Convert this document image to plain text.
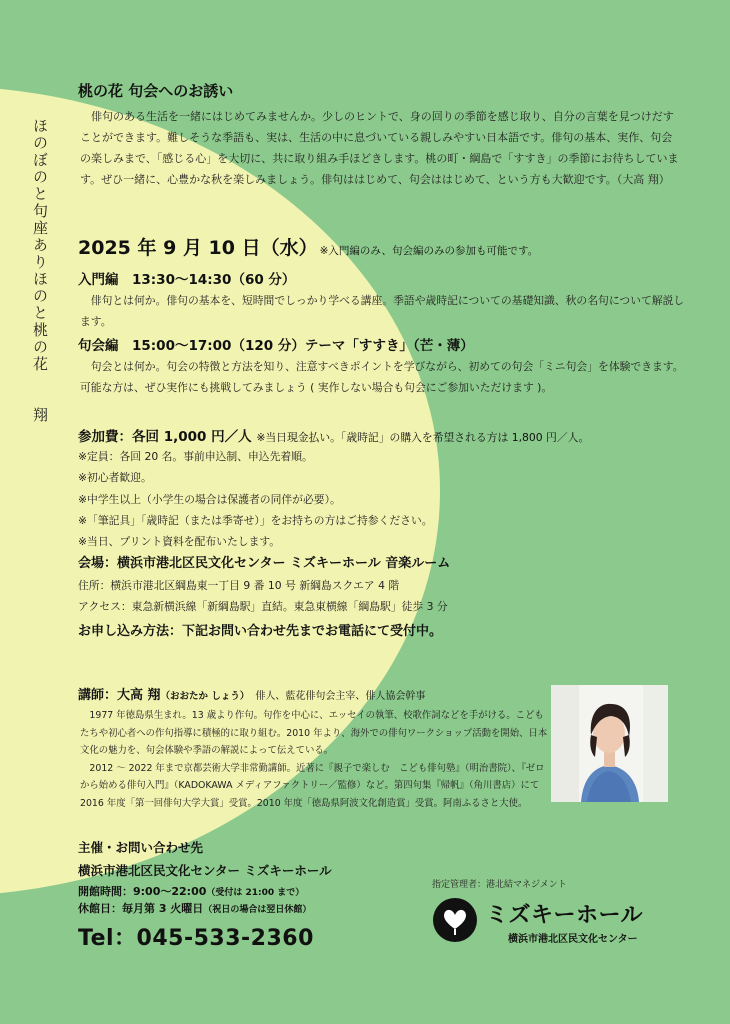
ほのぼのと句座ありほのと桃の花　　翔
桃の花 句会へのお誘い
俳句のある生活を一緒にはじめてみませんか。少しのヒントで、身の回りの季節を感じ取り、自分の言葉を見つけだすことができます。難しそうな季語も、実は、生活の中に息づいている親しみやすい日本語です。俳句の基本、実作、句会の楽しみまで、「感じる心」を大切に、共に取り組み手ほどきします。桃の町・綱島で「すすき」の季節にお待ちしています。ぜひ一緒に、心豊かな秋を楽しみましょう。俳句ははじめて、句会ははじめて、という方も大歓迎です。（大高 翔）
2025 年 9 月 10 日（水） ※入門編のみ、句会編のみの参加も可能です。
入門編　13:30〜14:30（60 分）
俳句とは何か。俳句の基本を、短時間でしっかり学べる講座。季語や歳時記についての基礎知識、秋の名句について解説します。
句会編　15:00〜17:00（120 分）テーマ「すすき」（芒・薄）
句会とは何か。句会の特徴と方法を知り、注意すべきポイントを学びながら、初めての句会「ミニ句会」を体験できます。可能な方は、ぜひ実作にも挑戦してみましょう ( 実作しない場合も句会にご参加いただけます )。
参加費：各回 1,000 円／人 ※当日現金払い。「歳時記」の購入を希望される方は 1,800 円／人。
※定員：各回 20 名。事前申込制、申込先着順。
※初心者歓迎。
※中学生以上（小学生の場合は保護者の同伴が必要）。
※「筆記具」「歳時記（または季寄せ）」をお持ちの方はご持参ください。
※当日、プリント資料を配布いたします。
会場：横浜市港北区民文化センター ミズキーホール 音楽ルーム
住所：横浜市港北区綱島東一丁目 9 番 10 号 新綱島スクエア 4 階
アクセス：東急新横浜線「新綱島駅」直結。東急東横線「綱島駅」徒歩 3 分
お申し込み方法：下記お問い合わせ先までお電話にて受付中。
講師：大高 翔（おおたか しょう） 俳人、藍花俳句会主宰、俳人協会幹事
1977 年徳島県生まれ。13 歳より作句。句作を中心に、エッセイの執筆、校歌作詞などを手がける。こどもたちや初心者への作句指導に積極的に取り組む。2010 年より、海外での俳句ワークショップ活動を開始、日本文化の魅力を、句会体験や季語の解説によって伝えている。
2012 ～ 2022 年まで京都芸術大学非常勤講師。近著に『親子で楽しむ　こども俳句塾』（明治書院）、『ゼロから始める俳句入門』（KADOKAWA メディアファクトリー／監修）など。第四句集『帰帆』（角川書店）にて 2016 年度「第一回俳句大学大賞」受賞。2010 年度「徳島県阿波文化創造賞」受賞。阿南ふるさと大使。
主催・お問い合わせ先
横浜市港北区民文化センター ミズキーホール
開館時間：9:00〜22:00（受付は 21:00 まで）
休館日：毎月第 3 火曜日（祝日の場合は翌日休館）
Tel：045-533-2360
指定管理者：港北結マネジメント
ミズキーホール
横浜市港北区民文化センター
